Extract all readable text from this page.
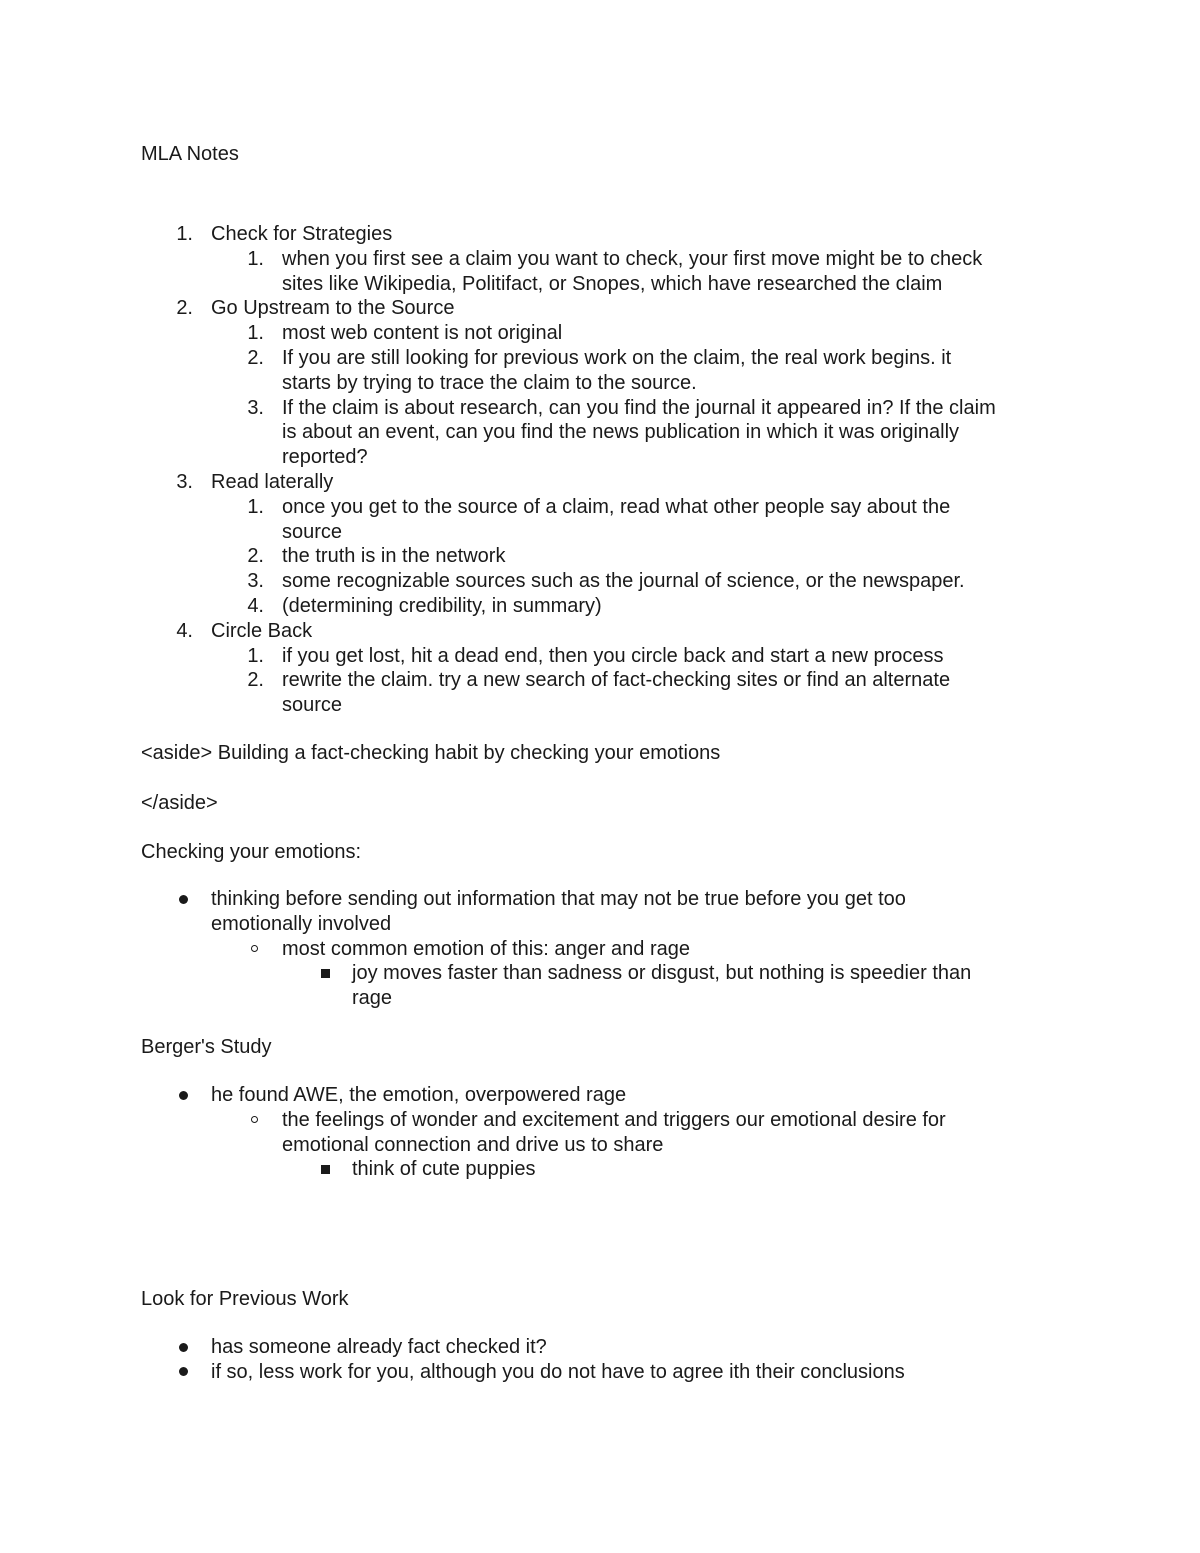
MLA Notes
1. Check for Strategies
1. when you first see a claim you want to check, your first move might be to check
sites like Wikipedia, Politifact, or Snopes, which have researched the claim
2. Go Upstream to the Source
1. most web content is not original
2. If you are still looking for previous work on the claim, the real work begins. it
starts by trying to trace the claim to the source.
3. If the claim is about research, can you find the journal it appeared in? If the claim
is about an event, can you find the news publication in which it was originally
reported?
3. Read laterally
1. once you get to the source of a claim, read what other people say about the
source
2. the truth is in the network
3. some recognizable sources such as the journal of science, or the newspaper.
4. (determining credibility, in summary)
4. Circle Back
1. if you get lost, hit a dead end, then you circle back and start a new process
2. rewrite the claim. try a new search of fact-checking sites or find an alternate
source
<aside> Building a fact-checking habit by checking your emotions
</aside>
Checking your emotions:
thinking before sending out information that may not be true before you get too
emotionally involved
most common emotion of this: anger and rage
joy moves faster than sadness or disgust, but nothing is speedier than
rage
Berger's Study
he found AWE, the emotion, overpowered rage
the feelings of wonder and excitement and triggers our emotional desire for
emotional connection and drive us to share
think of cute puppies
Look for Previous Work
has someone already fact checked it?
if so, less work for you, although you do not have to agree ith their conclusions
